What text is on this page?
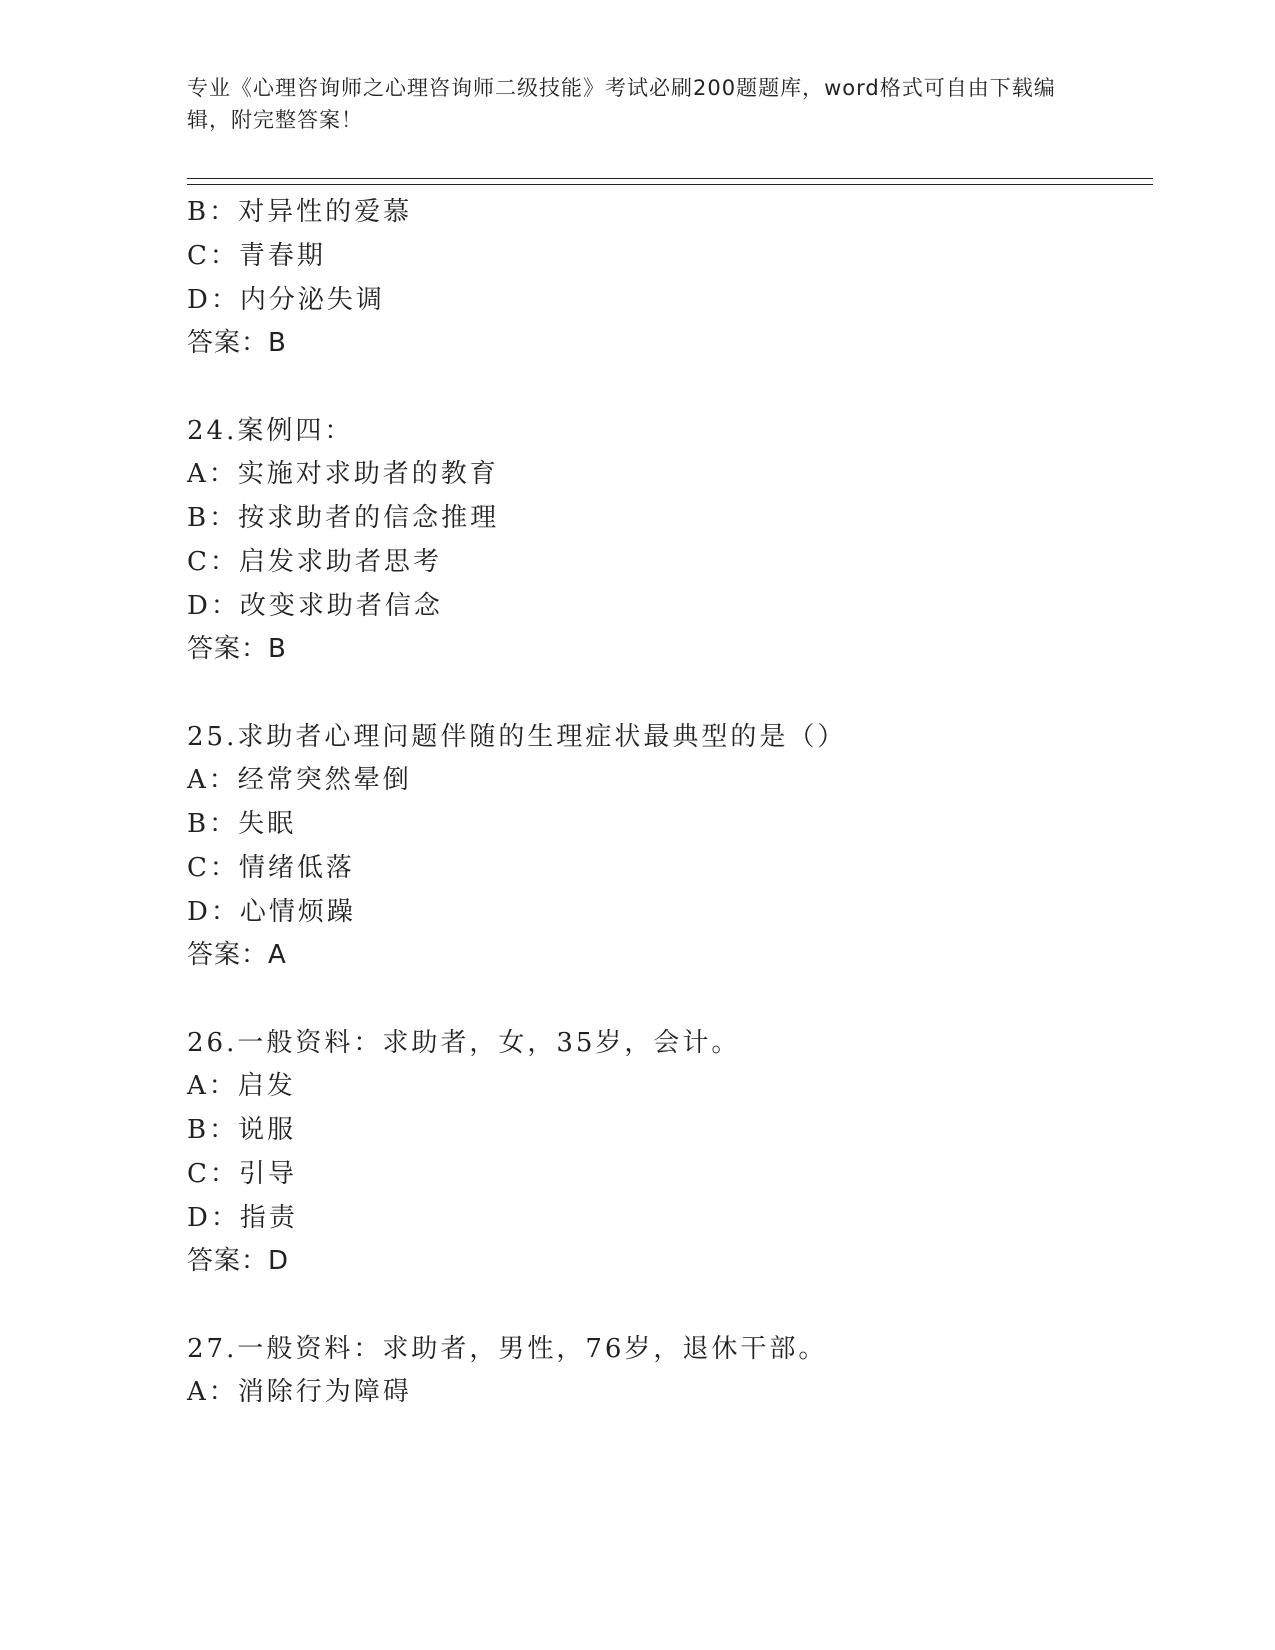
专业《心理咨询师之心理咨询师二级技能》考试必刷200题题库，word格式可自由下载编辑，附完整答案！
B：对异性的爱慕
C：青春期
D：内分泌失调
答案：B
24.案例四：
A：实施对求助者的教育
B：按求助者的信念推理
C：启发求助者思考
D：改变求助者信念
答案：B
25.求助者心理问题伴随的生理症状最典型的是（）
A：经常突然晕倒
B：失眠
C：情绪低落
D：心情烦躁
答案：A
26.一般资料：求助者，女，35岁，会计。
A：启发
B：说服
C：引导
D：指责
答案：D
27.一般资料：求助者，男性，76岁，退休干部。
A：消除行为障碍
